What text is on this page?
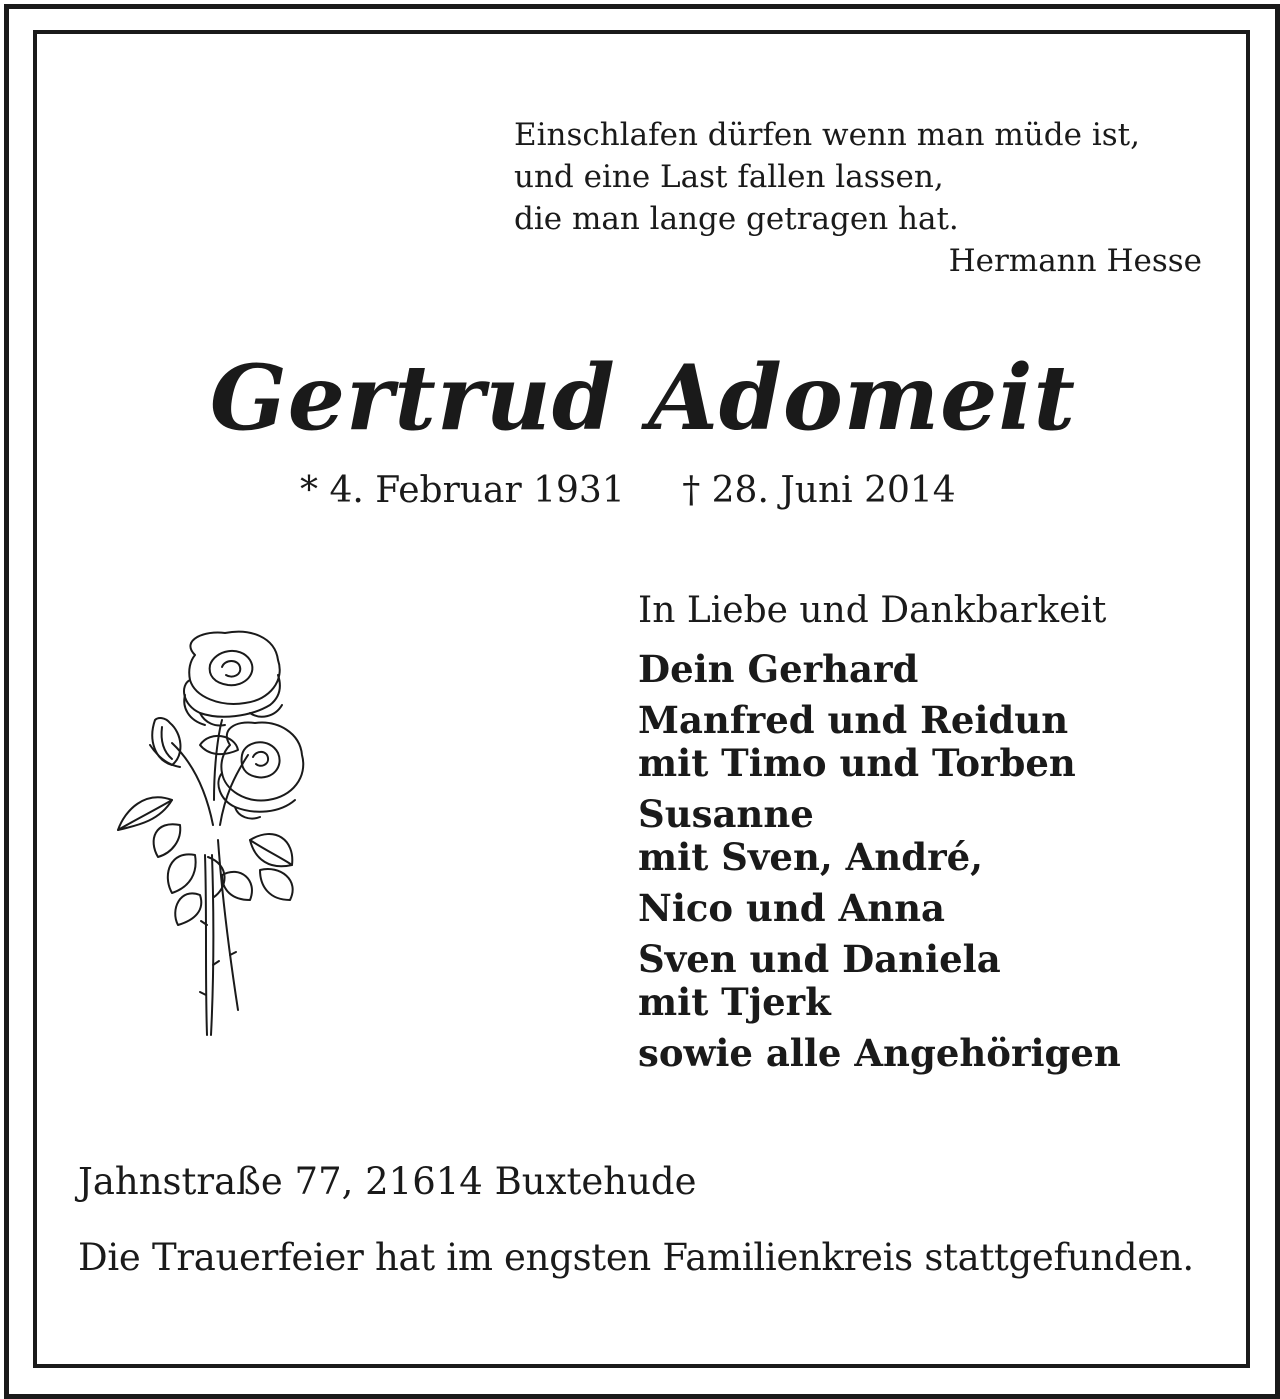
Einschlafen dürfen wenn man müde ist,
und eine Last fallen lassen,
die man lange getragen hat.
Hermann Hesse
Gertrud Adomeit
* 4. Februar 1931 † 28. Juni 2014
In Liebe und Dankbarkeit
Dein Gerhard
Manfred und Reidun
mit Timo und Torben
Susanne
mit Sven, André,
Nico und Anna
Sven und Daniela
mit Tjerk
sowie alle Angehörigen
Jahnstraße 77, 21614 Buxtehude
Die Trauerfeier hat im engsten Familienkreis stattgefunden.
